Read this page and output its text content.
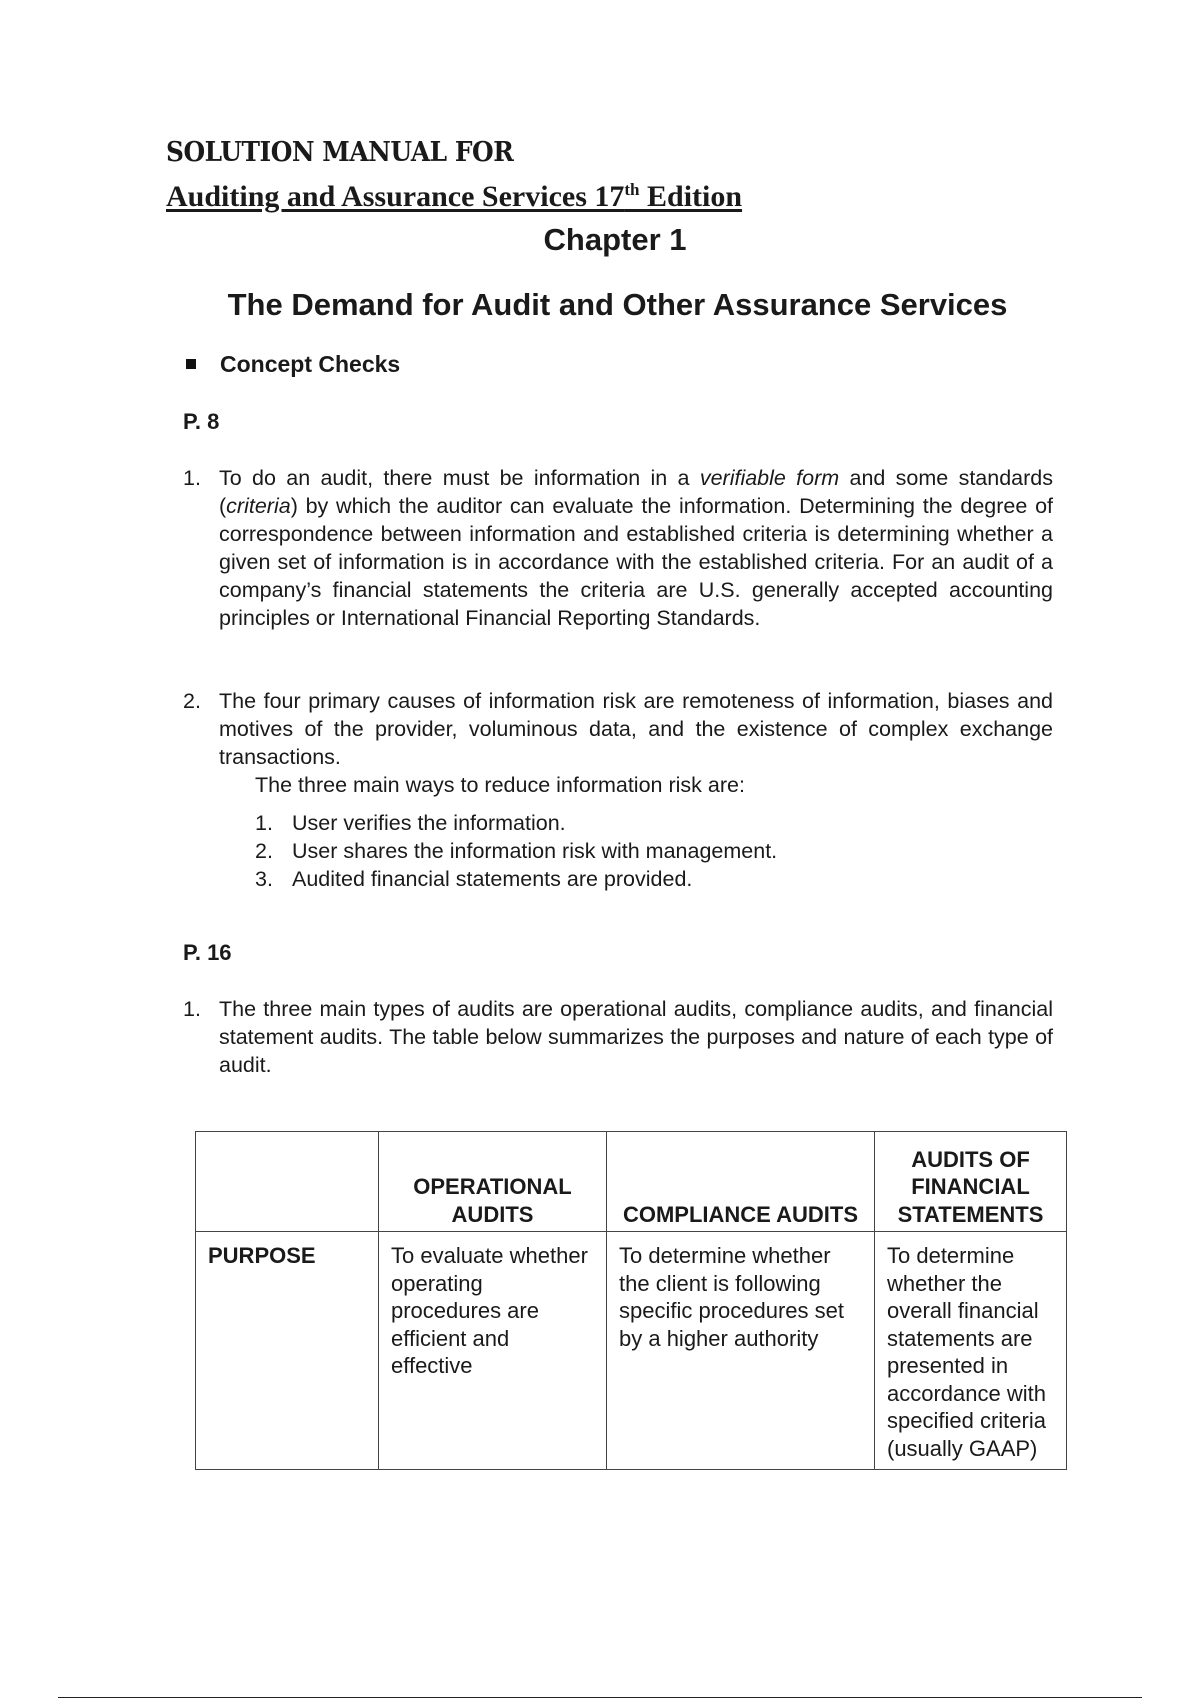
SOLUTION MANUAL FOR
Auditing and Assurance Services 17th Edition
Chapter 1
The Demand for Audit and Other Assurance Services
Concept Checks
P. 8
1. To do an audit, there must be information in a verifiable form and some standards (criteria) by which the auditor can evaluate the information. Determining the degree of correspondence between information and established criteria is determining whether a given set of information is in accordance with the established criteria. For an audit of a company’s financial statements the criteria are U.S. generally accepted accounting principles or International Financial Reporting Standards.
2. The four primary causes of information risk are remoteness of information, biases and motives of the provider, voluminous data, and the existence of complex exchange transactions.
The three main ways to reduce information risk are:
1. User verifies the information.
2. User shares the information risk with management.
3. Audited financial statements are provided.
P. 16
1. The three main types of audits are operational audits, compliance audits, and financial statement audits. The table below summarizes the purposes and nature of each type of audit.
	OPERATIONAL AUDITS	COMPLIANCE AUDITS	AUDITS OF FINANCIAL STATEMENTS
PURPOSE	To evaluate whether operating procedures are efficient and effective	To determine whether the client is following specific procedures set by a higher authority	To determine whether the overall financial statements are presented in accordance with specified criteria (usually GAAP)
